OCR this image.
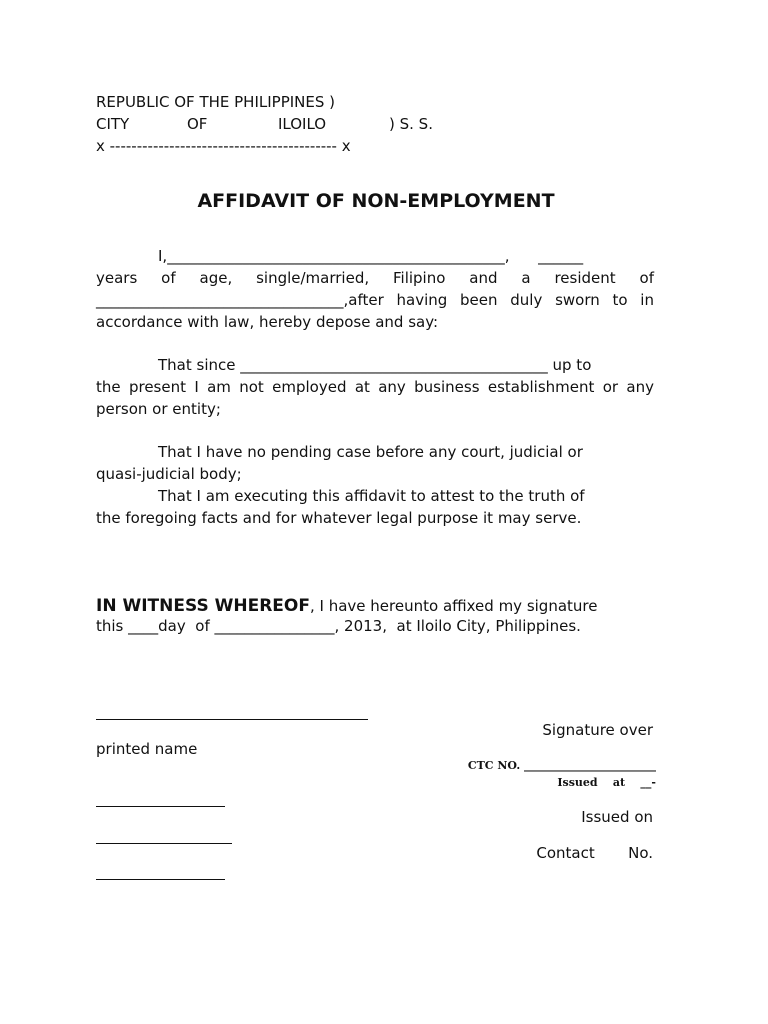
REPUBLIC OF THE PHILIPPINES )
CITY	OF	ILOILO	) S. S.
x ------------------------------------------ x
AFFIDAVIT OF NON-EMPLOYMENT
I,_____________________________________________,      ______
years of age, single/married, Filipino and a resident of _________________________________,after having been duly sworn to in accordance with law, hereby depose and say:
That since _________________________________________ up to
the present I am not employed at any business establishment or any person or entity;
That I have no pending case before any court, judicial or
quasi-judicial body;
That I am executing this affidavit to attest to the truth of
the foregoing facts and for whatever legal purpose it may serve.
IN WITNESS WHEREOF, I have hereunto affixed my signature
this ____day  of ________________, 2013,  at Iloilo City, Philippines.
Signature over
printed name
CTC NO. ________________________
Issued    at    __-
Issued on
Contact       No.
